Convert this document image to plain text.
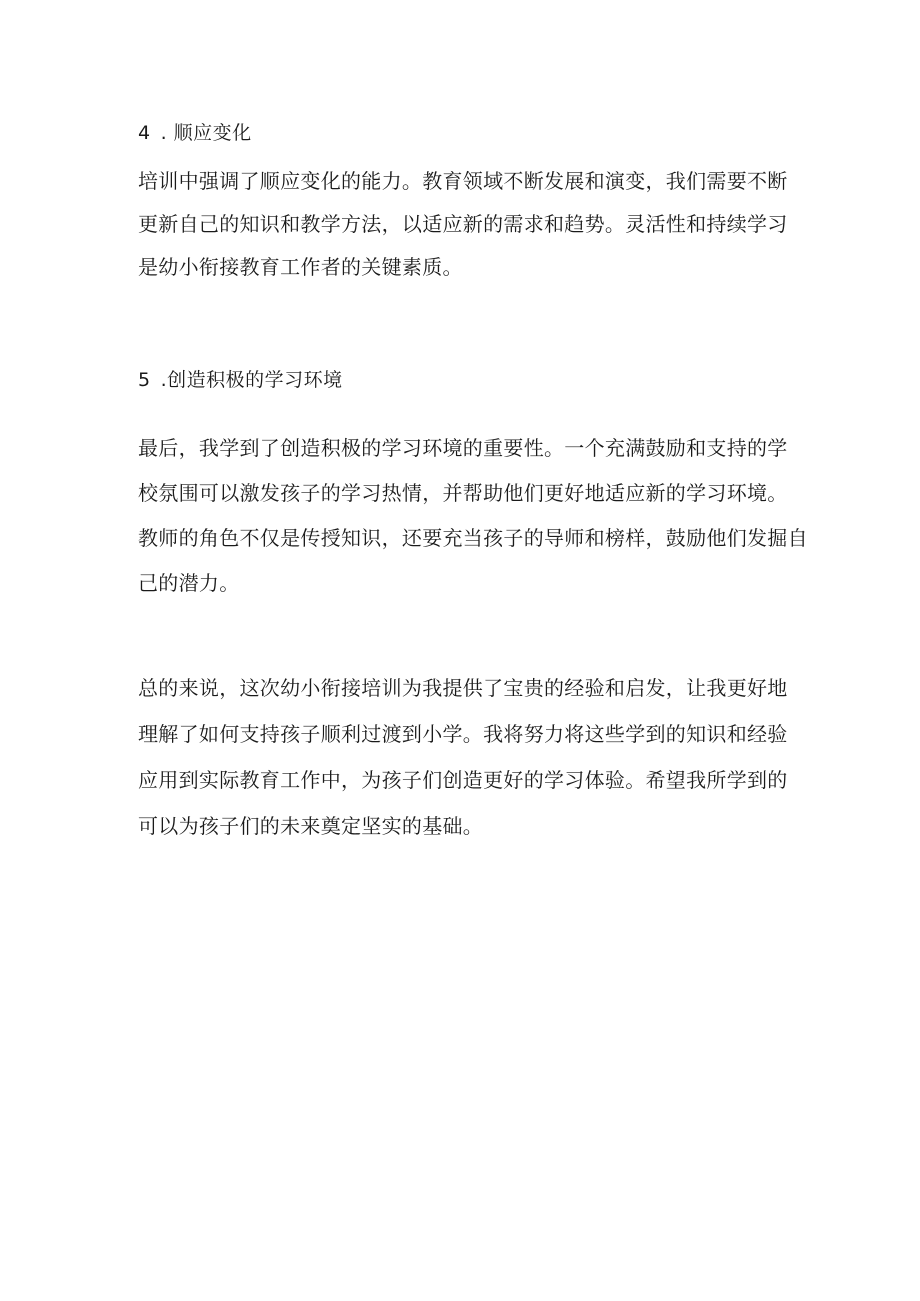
4 . 顺应变化
培训中强调了顺应变化的能力。教育领域不断发展和演变，我们需要不断
更新自己的知识和教学方法，以适应新的需求和趋势。灵活性和持续学习
是幼小衔接教育工作者的关键素质。
5 .创造积极的学习环境
最后，我学到了创造积极的学习环境的重要性。一个充满鼓励和支持的学
校氛围可以激发孩子的学习热情，并帮助他们更好地适应新的学习环境。
教师的角色不仅是传授知识，还要充当孩子的导师和榜样，鼓励他们发掘自
己的潜力。
总的来说，这次幼小衔接培训为我提供了宝贵的经验和启发，让我更好地
理解了如何支持孩子顺利过渡到小学。我将努力将这些学到的知识和经验
应用到实际教育工作中，为孩子们创造更好的学习体验。希望我所学到的
可以为孩子们的未来奠定坚实的基础。
